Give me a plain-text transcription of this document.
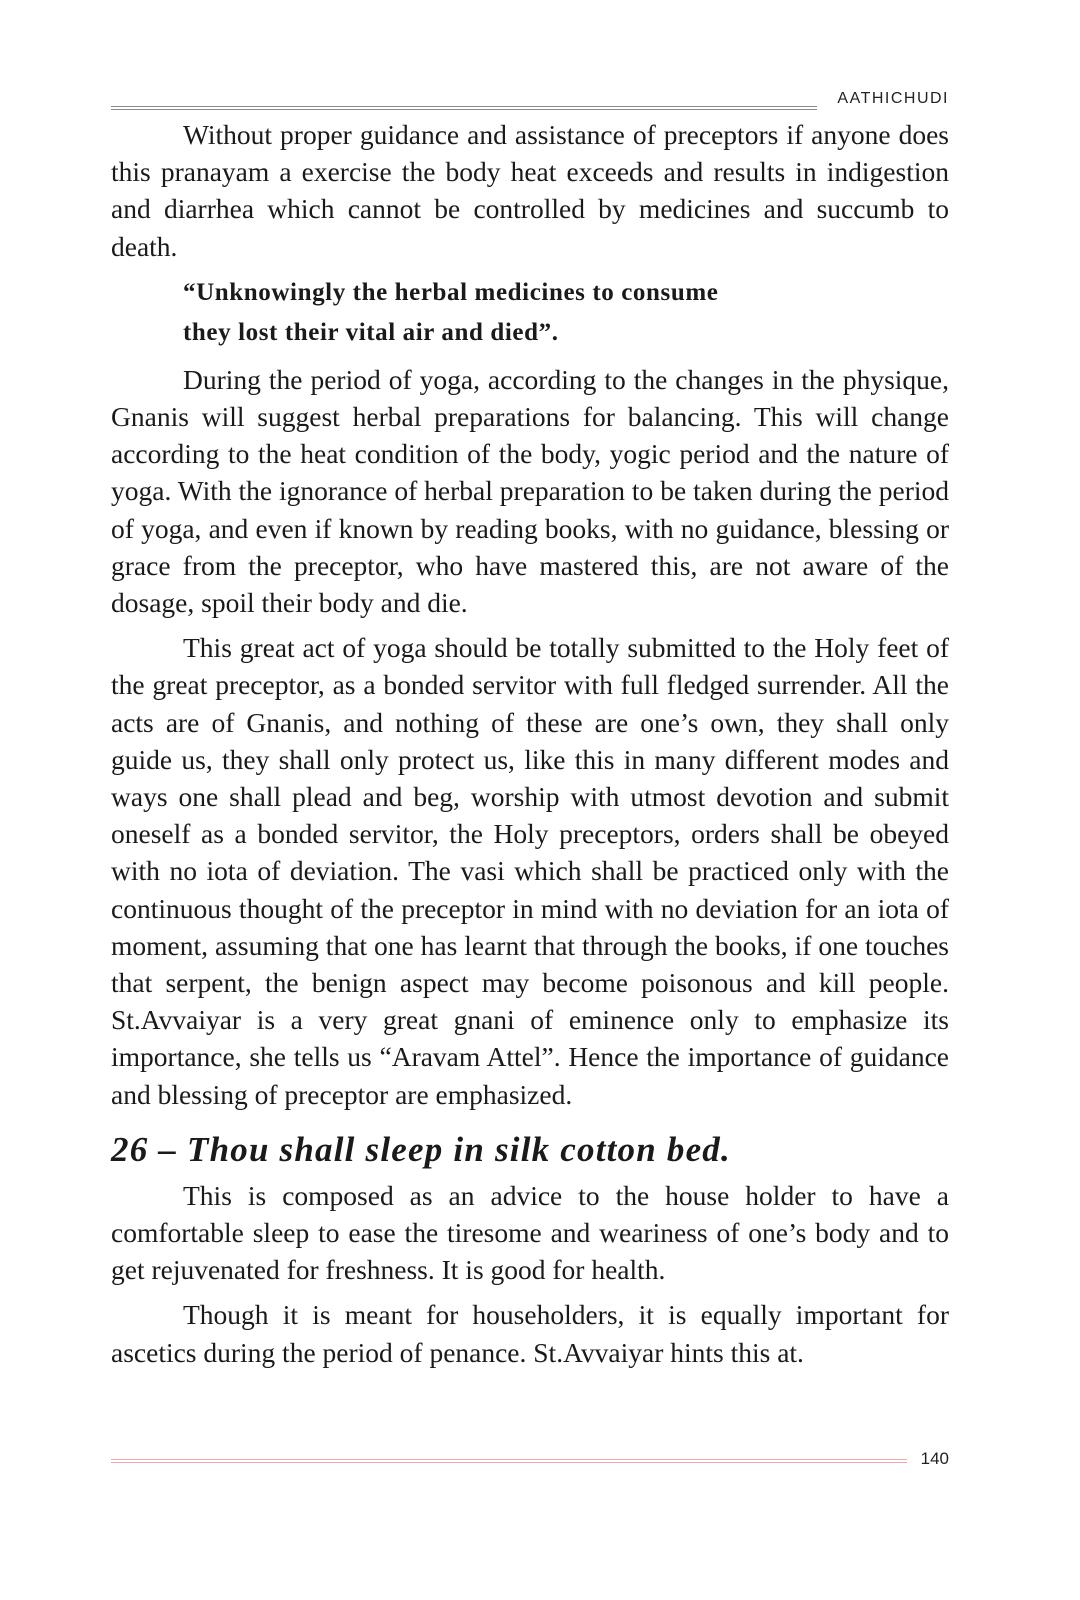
AATHICHUDI

Without proper guidance and assistance of preceptors if anyone does this pranayam a exercise the body heat exceeds and results in indigestion and diarrhea which cannot be controlled by medicines and succumb to death.

“Unknowingly the herbal medicines to consume
they lost their vital air and died”.

During the period of yoga, according to the changes in the physique, Gnanis will suggest herbal preparations for balancing. This will change according to the heat condition of the body, yogic period and the nature of yoga. With the ignorance of herbal preparation to be taken during the period of yoga, and even if known by reading books, with no guidance, blessing or grace from the preceptor, who have mastered this, are not aware of the dosage, spoil their body and die.

This great act of yoga should be totally submitted to the Holy feet of the great preceptor, as a bonded servitor with full fledged surrender. All the acts are of Gnanis, and nothing of these are one’s own, they shall only guide us, they shall only protect us, like this in many different modes and ways one shall plead and beg, worship with utmost devotion and submit oneself as a bonded servitor, the Holy preceptors, orders shall be obeyed with no iota of deviation. The vasi which shall be practiced only with the continuous thought of the preceptor in mind with no deviation for an iota of moment, assuming that one has learnt that through the books, if one touches that serpent, the benign aspect may become poisonous and kill people. St.Avvaiyar is a very great gnani of eminence only to emphasize its importance, she tells us “Aravam Attel”. Hence the importance of guidance and blessing of preceptor are emphasized.

26 – Thou shall sleep in silk cotton bed.

This is composed as an advice to the house holder to have a comfortable sleep to ease the tiresome and weariness of one’s body and to get rejuvenated for freshness. It is good for health.

Though it is meant for householders, it is equally important for ascetics during the period of penance. St.Avvaiyar hints this at.

140
